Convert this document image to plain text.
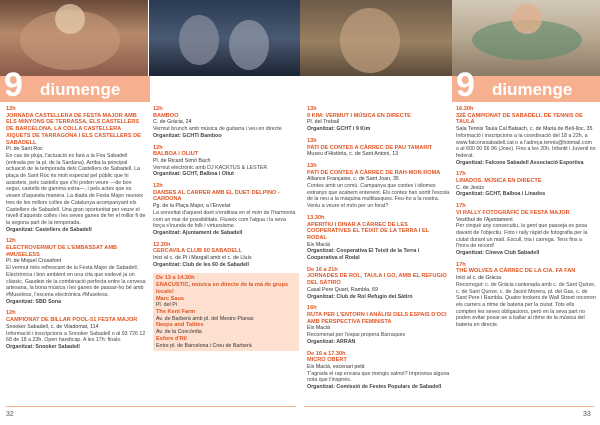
9 diumenge	9 diumenge
12h
JORNADA CASTELLERA DE FESTA MAJOR AMB ELS MINYONS DE TERRASSA, ELS CASTELLERS DE BARCELONA, LA COLLA CASTELLERA XIQUETS DE TARRAGONA I ELS CASTELLERS DE SABADELL
Pl. de Sant Roc
En cas de pluja, l'actuació es farà a la Fira Sabadell (entrada per la pl. de la Sardana). Arriba la principal actuació de la temporada dels Castellers de Sabadell. La plaça de Sant Roc és molt especial pel públic que hi assisteix, pels castells que s'hi poden veure —de bon segur, castells de gamma extra—, i pels actes que es veuen d'aquesta manera. La diada de Festa Major reuneix tres de les millors colles de Catalunya acompanyant els Castellers de Sabadell. Una gran oportunitat per veure el nivell d'aquests colles i les seves ganes de fer el millor fi de la segona part de la temporada.
Organitzat: Castellers de Sabadell
12h
ELECTROVERMUT DE L'EMBASSAT AMB #MUSELESS
Pl. de Miquel Crusafont
El vermut més refrescant de la Festa Major de Sabadell. Electrònica i bon ambient en una cita que esdevé ja un clàssic. Gaudeix de la combinació perfecta entre la cervesa artesana, la bona música i les ganes de passar-ho bé amb #Museless, l'escena electrònica #Museless.
Organitzat: SBD Sona
12h
CAMPIONAT DE BILLAR POOL-51 FESTA MAJOR
Snooker Sabadell, c. de Viladomat, 114
Informació i inscripcions a Snooker Sabadell o al 93 726 12 68 de 18 a 23h. Open handicap. A les 17h: finals.
Organitzat: Snooker Sabadell
12h
BAMBOO
C. de Gràcia, 24
Vermut brunch amb música de guitarra i veu en directe
Organitzat: GCHTI Bamboo
12h
BALBOA I OLIUT
Pl. de Ricard Simó Bach
Vermut electrònic amb DJ KACKTUS & LESTER
Organitzat: GCHT, Balboa i Oliut
12h
DANSES AL CARRER AMB EL DUET DELPINO - CARDONA
Pg. de la Plaça Major, a l'Envelat
La sonoritat d'aquest duet s'endinsa en el món de l'harmonia com un mar de possibilitats. Fluxeix com l'aigua i la seva força s'inunda de folk i virtuosisme.
Organitzat: Ajuntament de Sabadell
12.30h
CERCAVILA CLUB 60 SABADELL
Inici al c. de Pi i Margall amb el c. de Lluís
Organitzat: Club de les 60 de Sabadell
De 13 a 14.30h
ENACUSTIC, música en directe de la mà de grups locals!
Marc Saus
Pl. del Pi
The Kent Farm
Av. de Barberà amb pl. del Mestre Planas
Neeps and Tatties
Av. de la Concòrdia
Esfore d'Ril
Entre pl. de Barcelona i Creu de Barberà
13h
9 KIM: VERMUT I MÚSICA EN DIRECTE
Pl. del Treball
Organitzat: GCHT i 9 Kim
13h
PATI DE CONTES A CÀRREC DE PAU TAMARIT
Museu d'Història, c. de Sant Antoni, 13
13h
PATI DE CONTES A CÀRREC DE RAH-MON ROMA
Alliance Française, c. de Sant Joan, 35
Contes amb un comú. Campanya que contes i idiomes estranys que acabem entenent. Els contes han sortit l'escola de la neu a la màquina multitasques. Feu-ho a la nostra. Veniu a veure el món per un forat?
13.30h
APERITIU I DINAR A CÀRREC DE LES COOPERATIVES EL TEIXIT DE LA TERRA I EL RODAL
Eix Macià
Organitzat: Cooperativa El Teixit de la Terra i Cooperativa el Rodal
De 16 a 21h
JORNADES DE ROL, TAULA I GO, AMB EL REFUGIO DEL SÀTIRO
Casal Pere Quart, Rambla, 69
Organitzat: Club de Rol Refugio del Sàtiro
16h
RUTA PER L'ENTORN I ANÀLISI DELS ESPAIS D'OCI AMB PERSPECTIVA FEMINISTA
Eix Macià
Recomenat per l'espai propera Barraques
Organitzat: ARRAN
De 16 a 17.30h
MICRO OBERT
Eix Macià, escenari petit
T'agrada el rap encara que mengis salmó? Improvisa alguna nota que t'inspirés.
Organitzat: Comissió de Festes Populars de Sabadell
16.30h
32È CAMPIONAT DE SABADELL DE TENNIS DE TAULA
Sala Tennis Taula Cal Balsach, c. de Maria de Bell-lloc, 35
Informació i inscripcions a la coordinació del 18 a 22h, a www.falconssabadell.cat o a l'adreça tennis@hotmail.com o al 600 00 56 96 (Jose). Fins a les 20h. Infantil i Juvenil no federat.
Organitzat: Falcons Sabadell Associació Esportiva
17h
LINADOS. MÚSICA EN DIRECTE
C. de Jesús
Organitzat: GCHT, Balboa i Linados
17h
VI RALLY FOTOGRÀFIC DE FESTA MAJOR
Vestíbul de l'Ajuntament
Per cinquè any consecutiu, la gent que passeja es posa davant de l'objectiu. Foto i rally ràpid de fotografia per la ciutat durant un matí. Escull, tria i carrega. Tens fins a l'hora de record!
Organitzat: Cineva Club Sabadell
17h
THE WOLVES A CÀRREC DE LA CIA. FA FAN
Inici al c. de Gràcia
Recorregut: c. de Gràcia cantonada amb c. de Sant Quirze, c. de Sant Quirze, c. de Jacint Morera, pl. del Gas, c. de Sant Pere i Rambla. Quatre brokers de Wall Street recorren els carrers a ritme de bateria per la ciutat. Tots ells compten les seves obligacions, però en la seva part no poden evitar posar-se a ballar al ritme de la música del bateria en directe.
32	33
